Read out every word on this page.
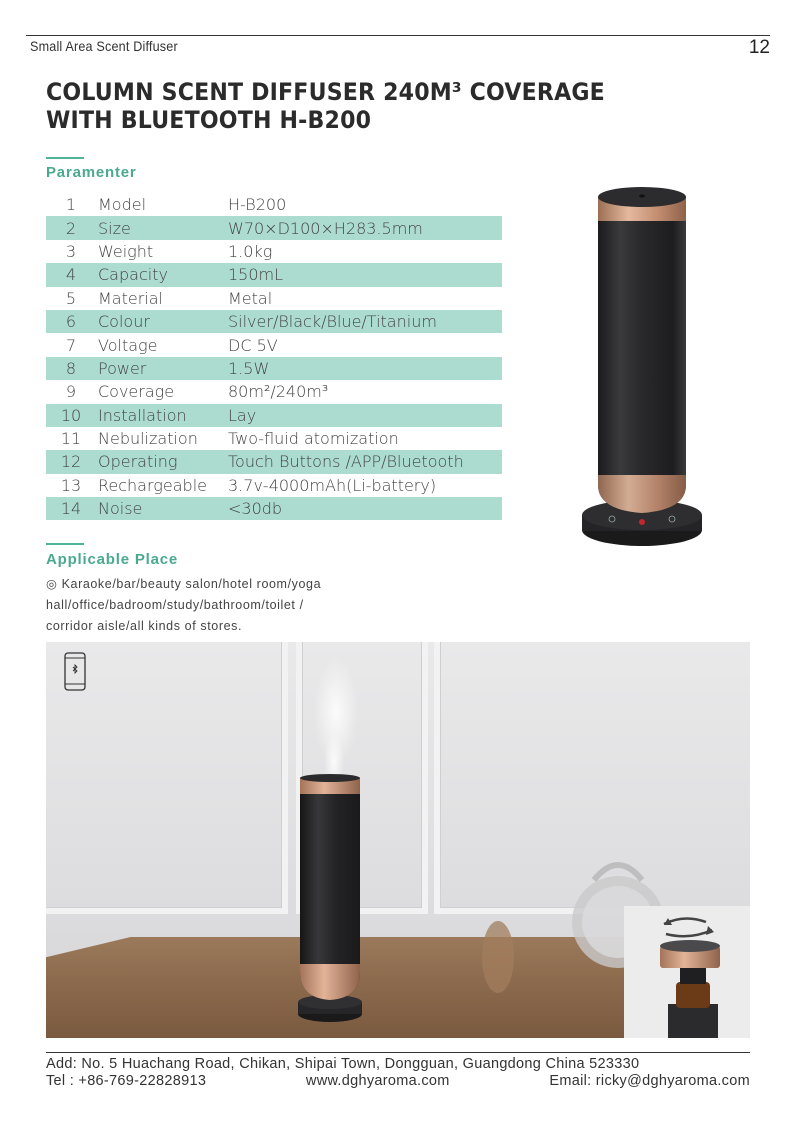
Small Area Scent Diffuser	12
COLUMN SCENT DIFFUSER 240M³ COVERAGE
WITH BLUETOOTH H-B200
Paramenter
1	Model	H-B200
2	Size	W70×D100×H283.5mm
3	Weight	1.0kg
4	Capacity	150mL
5	Material	Metal
6	Colour	Silver/Black/Blue/Titanium
7	Voltage	DC 5V
8	Power	1.5W
9	Coverage	80m²/240m³
10	Installation	Lay
11	Nebulization	Two-fluid atomization
12	Operating	Touch Buttons /APP/Bluetooth
13	Rechargeable	3.7v-4000mAh(Li-battery)
14	Noise	<30db
Applicable Place
◎ Karaoke/bar/beauty salon/hotel room/yoga
hall/office/badroom/study/bathroom/toilet /
corridor aisle/all kinds of stores.
Add: No. 5 Huachang Road, Chikan, Shipai Town, Dongguan, Guangdong China 523330
Tel : +86-769-22828913	www.dghyaroma.com	Email: ricky@dghyaroma.com
